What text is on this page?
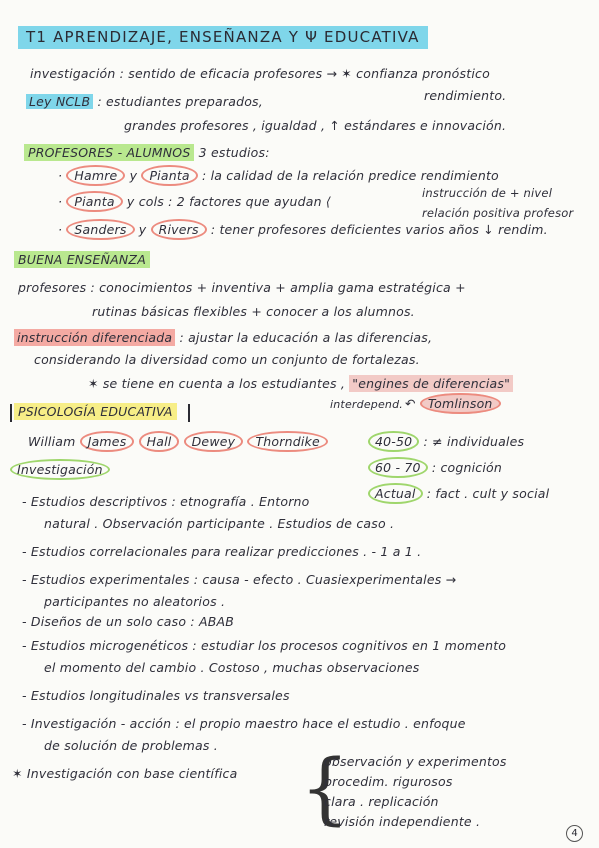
T1 APRENDIZAJE, ENSEÑANZA Y Ψ EDUCATIVA
investigación : sentido de eficacia profesores → ✶ confianza pronóstico
rendimiento.
Ley NCLB : estudiantes preparados,
grandes profesores , igualdad , ↑ estándares e innovación.
PROFESORES - ALUMNOS 3 estudios:
· Hamre y Pianta : la calidad de la relación predice rendimiento
· Pianta y cols : 2 factores que ayudan ⟨
instrucción de + nivel
relación positiva profesor
· Sanders y Rivers : tener profesores deficientes varios años ↓ rendim.
BUENA ENSEÑANZA
profesores : conocimientos + inventiva + amplia gama estratégica +
rutinas básicas flexibles + conocer a los alumnos.
instrucción diferenciada : ajustar la educación a las diferencias,
considerando la diversidad como un conjunto de fortalezas.
✶ se tiene en cuenta a los estudiantes , "engines de diferencias"
interdepend. ↶ Tomlinson
PSICOLOGÍA EDUCATIVA
William James Hall Dewey Thorndike	40-50 : ≠ individuales
60 - 70 : cognición
Actual : fact . cult y social
Investigación
- Estudios descriptivos : etnografía . Entorno
natural . Observación participante . Estudios de caso .
- Estudios correlacionales para realizar predicciones . - 1 a 1 .
- Estudios experimentales : causa - efecto . Cuasiexperimentales →
participantes no aleatorios .
- Diseños de un solo caso : ABAB
- Estudios microgenéticos : estudiar los procesos cognitivos en 1 momento
el momento del cambio . Costoso , muchas observaciones
- Estudios longitudinales vs transversales
- Investigación - acción : el propio maestro hace el estudio . enfoque
de solución de problemas .
✶ Investigación con base científica {
observación y experimentos
procedim. rigurosos
clara . replicación
revisión independiente .
4
